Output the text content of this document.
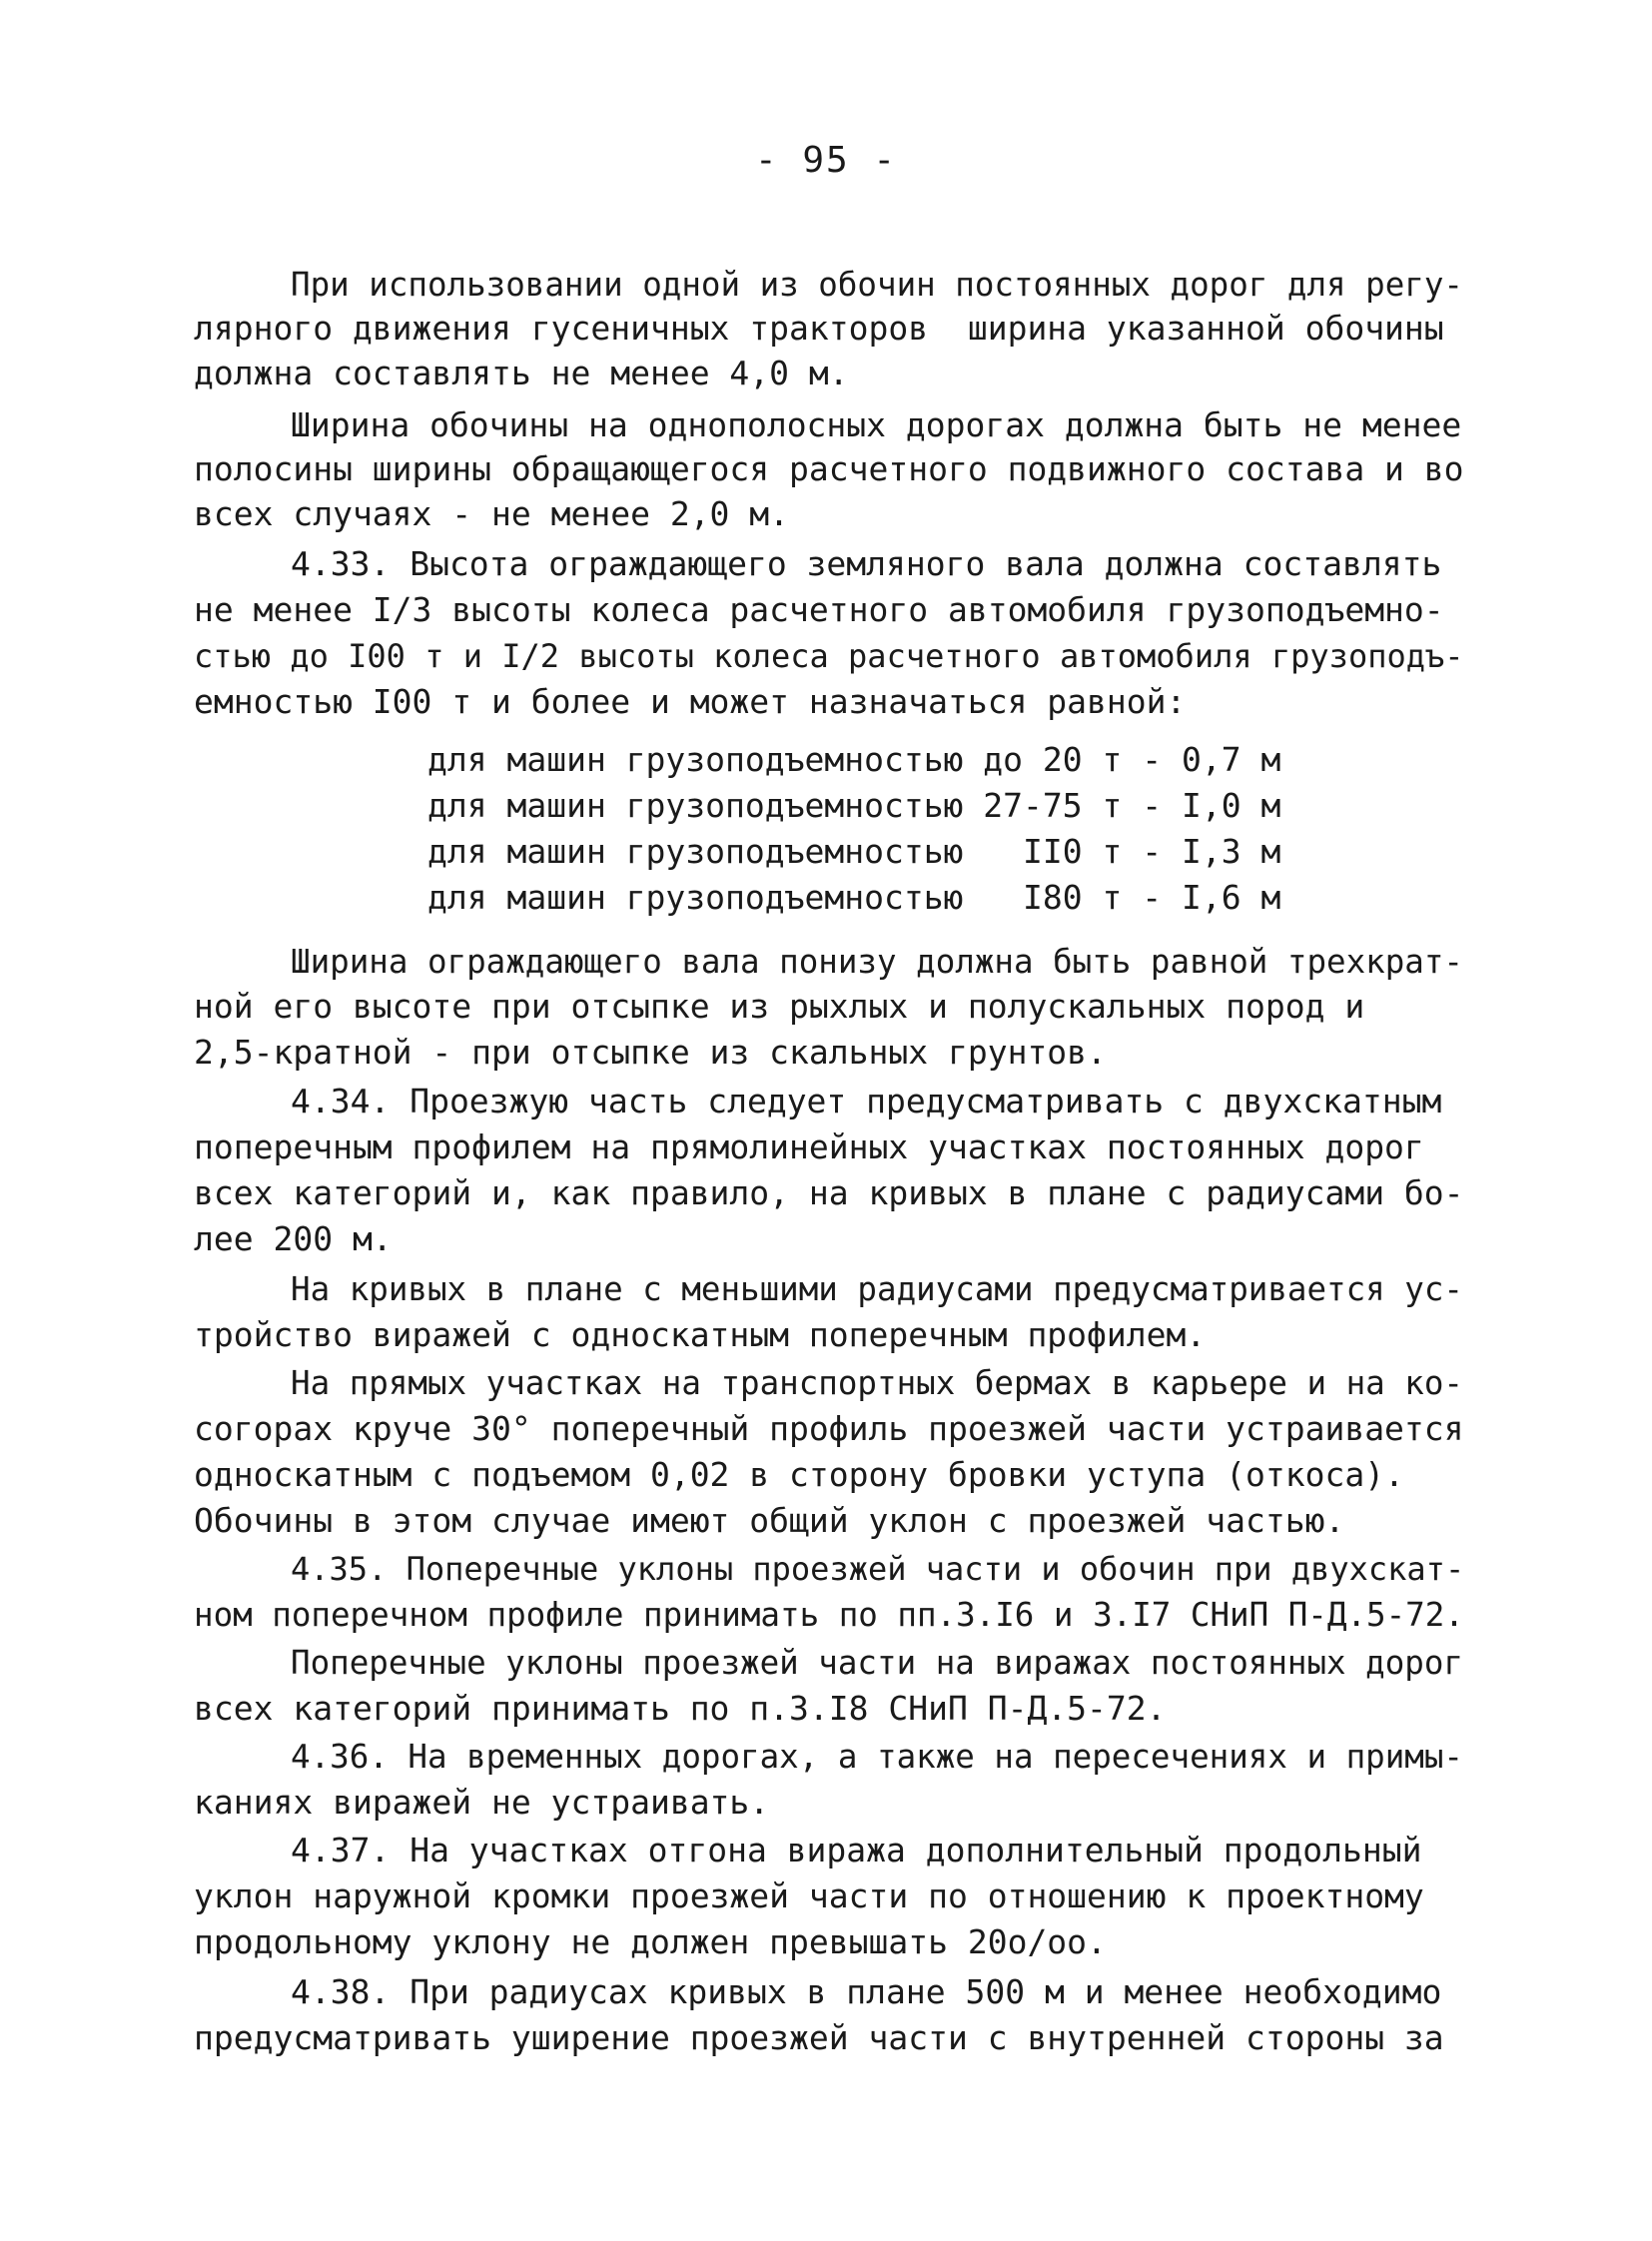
- 95 -
При использовании одной из обочин постоянных дорог для регу-
лярного движения гусеничных тракторов  ширина указанной обочины
должна составлять не менее 4,0 м.
Ширина обочины на однополосных дорогах должна быть не менее
полосины ширины обращающегося расчетного подвижного состава и во
всех случаях - не менее 2,0 м.
4.33. Высота ограждающего земляного вала должна составлять
не менее I/3 высоты колеса расчетного автомобиля грузоподъемно-
стью до I00 т и I/2 высоты колеса расчетного автомобиля грузоподъ-
емностью I00 т и более и может назначаться равной:
для машин грузоподъемностью до 20 т - 0,7 м
для машин грузоподъемностью 27-75 т - I,0 м
для машин грузоподъемностью   II0 т - I,3 м
для машин грузоподъемностью   I80 т - I,6 м
Ширина ограждающего вала понизу должна быть равной трехкрат-
ной его высоте при отсыпке из рыхлых и полускальных пород и
2,5-кратной - при отсыпке из скальных грунтов.
4.34. Проезжую часть следует предусматривать с двухскатным
поперечным профилем на прямолинейных участках постоянных дорог
всех категорий и, как правило, на кривых в плане с радиусами бо-
лее 200 м.
На кривых в плане с меньшими радиусами предусматривается ус-
тройство виражей с односкатным поперечным профилем.
На прямых участках на транспортных бермах в карьере и на ко-
согорах круче 30° поперечный профиль проезжей части устраивается
односкатным с подъемом 0,02 в сторону бровки уступа (откоса).
Обочины в этом случае имеют общий уклон с проезжей частью.
4.35. Поперечные уклоны проезжей части и обочин при двухскат-
ном поперечном профиле принимать по пп.3.I6 и 3.I7 СНиП П-Д.5-72.
Поперечные уклоны проезжей части на виражах постоянных дорог
всех категорий принимать по п.3.I8 СНиП П-Д.5-72.
4.36. На временных дорогах, а также на пересечениях и примы-
каниях виражей не устраивать.
4.37. На участках отгона виража дополнительный продольный
уклон наружной кромки проезжей части по отношению к проектному
продольному уклону не должен превышать 20о/оо.
4.38. При радиусах кривых в плане 500 м и менее необходимо
предусматривать уширение проезжей части с внутренней стороны за
